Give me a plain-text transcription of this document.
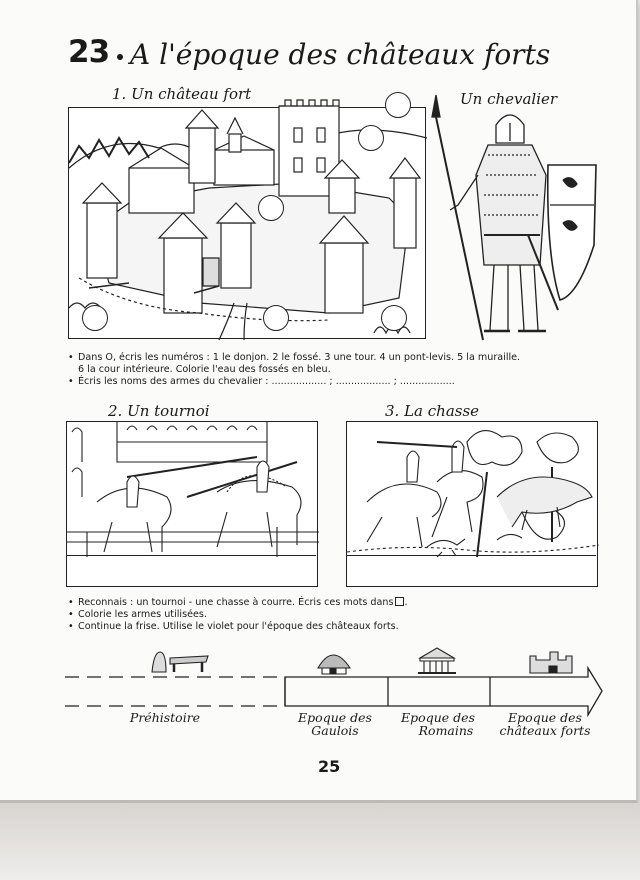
23 A l'époque des châteaux forts
1. Un château fort	Un chevalier
• Dans O, écris les numéros : 1 le donjon. 2 le fossé. 3 une tour. 4 un pont-levis. 5 la muraille.
6 la cour intérieure. Colorie l'eau des fossés en bleu.
• Écris les noms des armes du chevalier : .................. ; .................. ; ..................
2. Un tournoi	3. La chasse
• Reconnais : un tournoi - une chasse à courre. Écris ces mots dans .
• Colorie les armes utilisées.
• Continue la frise. Utilise le violet pour l'époque des châteaux forts.
Préhistoire	Epoque des
Gaulois
Epoque des
Romains
Epoque des
châteaux forts
25
